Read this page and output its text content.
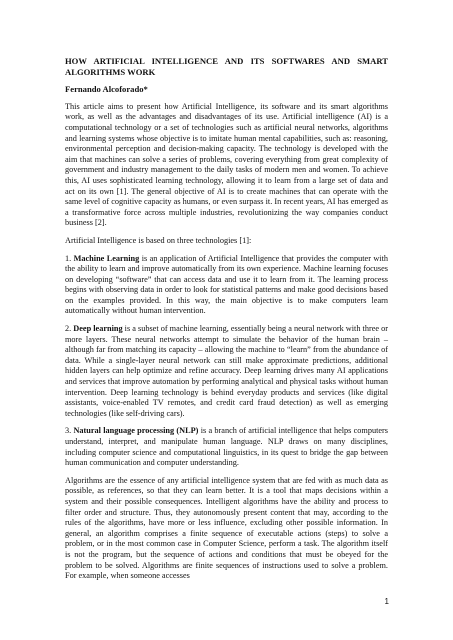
HOW ARTIFICIAL INTELLIGENCE AND ITS SOFTWARES AND SMART ALGORITHMS WORK
Fernando Alcoforado*

This article aims to present how Artificial Intelligence, its software and its smart algorithms work, as well as the advantages and disadvantages of its use. Artificial intelligence (AI) is a computational technology or a set of technologies such as artificial neural networks, algorithms and learning systems whose objective is to imitate human mental capabilities, such as: reasoning, environmental perception and decision-making capacity. The technology is developed with the aim that machines can solve a series of problems, covering everything from great complexity of government and industry management to the daily tasks of modern men and women. To achieve this, AI uses sophisticated learning technology, allowing it to learn from a large set of data and act on its own [1]. The general objective of AI is to create machines that can operate with the same level of cognitive capacity as humans, or even surpass it. In recent years, AI has emerged as a transformative force across multiple industries, revolutionizing the way companies conduct business [2].

Artificial Intelligence is based on three technologies [1]:

1. Machine Learning is an application of Artificial Intelligence that provides the computer with the ability to learn and improve automatically from its own experience. Machine learning focuses on developing “software” that can access data and use it to learn from it. The learning process begins with observing data in order to look for statistical patterns and make good decisions based on the examples provided. In this way, the main objective is to make computers learn automatically without human intervention.

2. Deep learning is a subset of machine learning, essentially being a neural network with three or more layers. These neural networks attempt to simulate the behavior of the human brain – although far from matching its capacity – allowing the machine to “learn” from the abundance of data. While a single-layer neural network can still make approximate predictions, additional hidden layers can help optimize and refine accuracy. Deep learning drives many AI applications and services that improve automation by performing analytical and physical tasks without human intervention. Deep learning technology is behind everyday products and services (like digital assistants, voice-enabled TV remotes, and credit card fraud detection) as well as emerging technologies (like self-driving cars).

3. Natural language processing (NLP) is a branch of artificial intelligence that helps computers understand, interpret, and manipulate human language. NLP draws on many disciplines, including computer science and computational linguistics, in its quest to bridge the gap between human communication and computer understanding.

Algorithms are the essence of any artificial intelligence system that are fed with as much data as possible, as references, so that they can learn better. It is a tool that maps decisions within a system and their possible consequences. Intelligent algorithms have the ability and process to filter order and structure. Thus, they autonomously present content that may, according to the rules of the algorithms, have more or less influence, excluding other possible information. In general, an algorithm comprises a finite sequence of executable actions (steps) to solve a problem, or in the most common case in Computer Science, perform a task. The algorithm itself is not the program, but the sequence of actions and conditions that must be obeyed for the problem to be solved. Algorithms are finite sequences of instructions used to solve a problem. For example, when someone accesses

1
